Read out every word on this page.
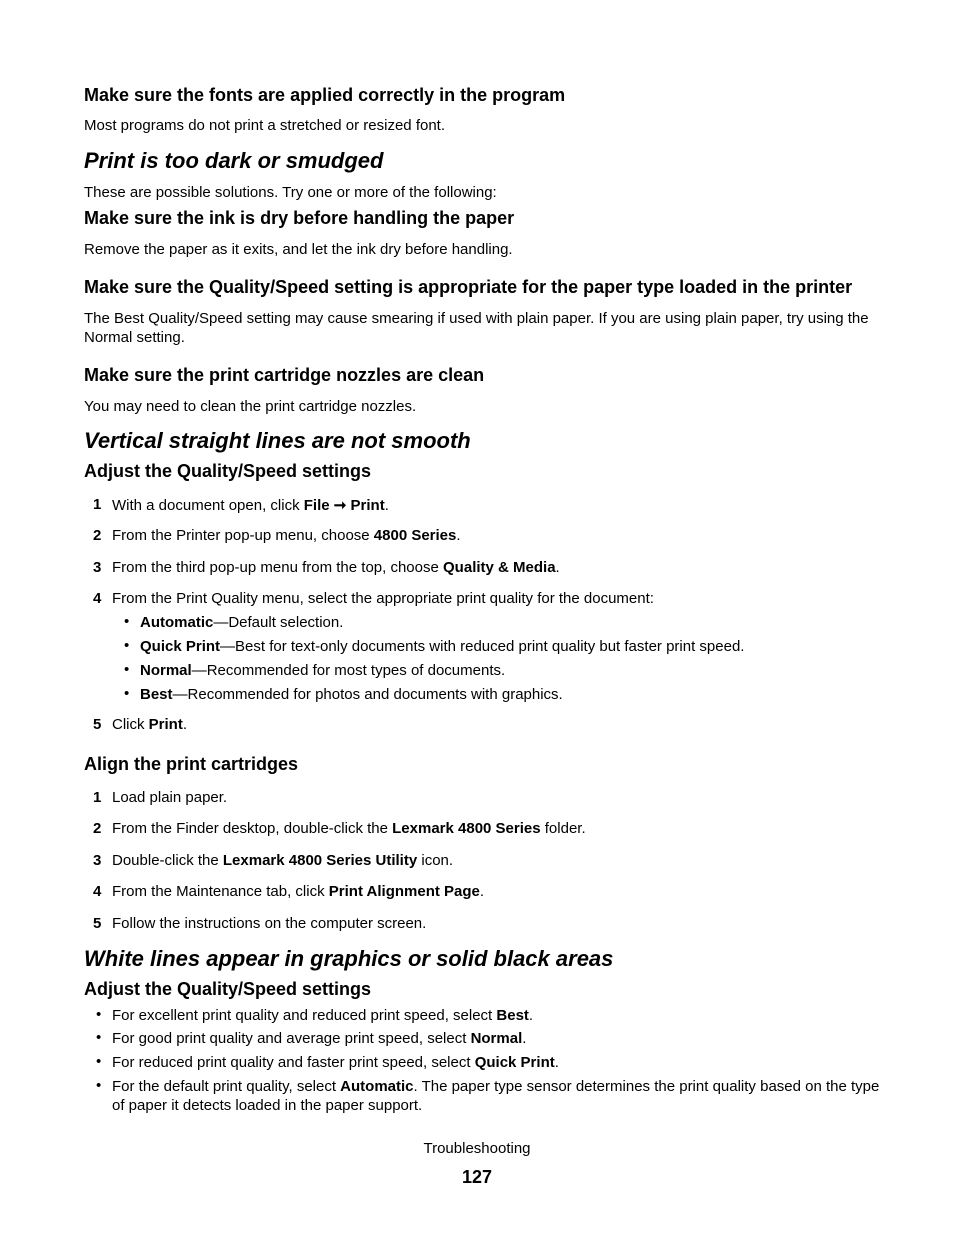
Make sure the fonts are applied correctly in the program

Most programs do not print a stretched or resized font.

Print is too dark or smudged

These are possible solutions. Try one or more of the following:

Make sure the ink is dry before handling the paper

Remove the paper as it exits, and let the ink dry before handling.

Make sure the Quality/Speed setting is appropriate for the paper type loaded in the printer

The Best Quality/Speed setting may cause smearing if used with plain paper. If you are using plain paper, try using the Normal setting.

Make sure the print cartridge nozzles are clean

You may need to clean the print cartridge nozzles.

Vertical straight lines are not smooth
Adjust the Quality/Speed settings
1 With a document open, click File ➞ Print.
2 From the Printer pop-up menu, choose 4800 Series.
3 From the third pop-up menu from the top, choose Quality & Media.
4 From the Print Quality menu, select the appropriate print quality for the document:
• Automatic—Default selection.
• Quick Print—Best for text-only documents with reduced print quality but faster print speed.
• Normal—Recommended for most types of documents.
• Best—Recommended for photos and documents with graphics.
5 Click Print.
Align the print cartridges
1 Load plain paper.
2 From the Finder desktop, double-click the Lexmark 4800 Series folder.
3 Double-click the Lexmark 4800 Series Utility icon.
4 From the Maintenance tab, click Print Alignment Page.
5 Follow the instructions on the computer screen.
White lines appear in graphics or solid black areas
Adjust the Quality/Speed settings
• For excellent print quality and reduced print speed, select Best.
• For good print quality and average print speed, select Normal.
• For reduced print quality and faster print speed, select Quick Print.
• For the default print quality, select Automatic. The paper type sensor determines the print quality based on the type of paper it detects loaded in the paper support.
Troubleshooting
127
